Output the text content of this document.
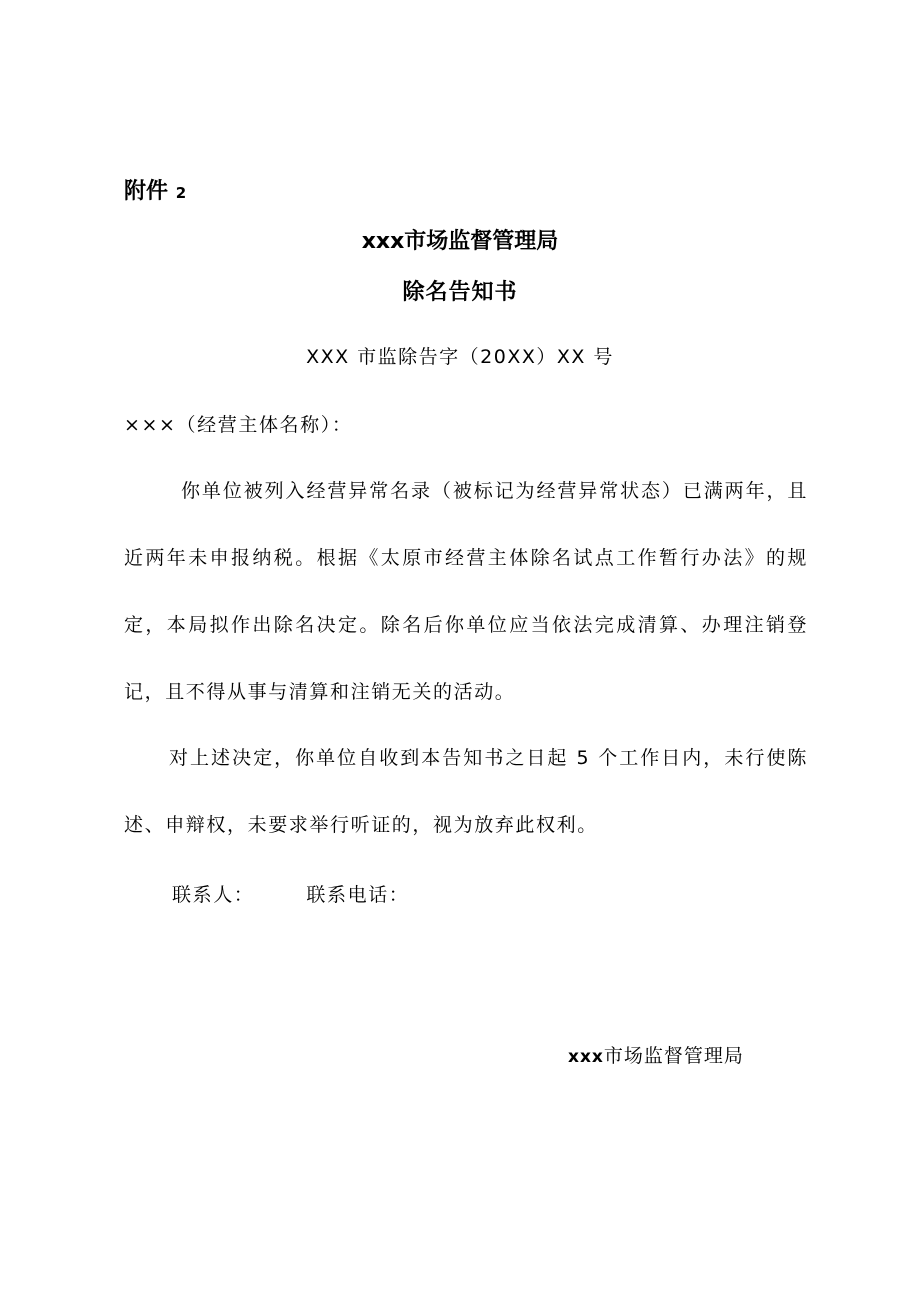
附件 2
xxx市场监督管理局
除名告知书
XXX 市监除告字（20XX）XX 号
×××（经营主体名称）：

你单位被列入经营异常名录（被标记为经营异常状态）已满两年，且近两年未申报纳税。根据《太原市经营主体除名试点工作暂行办法》的规定，本局拟作出除名决定。除名后你单位应当依法完成清算、办理注销登记，且不得从事与清算和注销无关的活动。

对上述决定，你单位自收到本告知书之日起 5 个工作日内，未行使陈述、申辩权，未要求举行听证的，视为放弃此权利。

联系人：	联系电话：
xxx市场监督管理局
